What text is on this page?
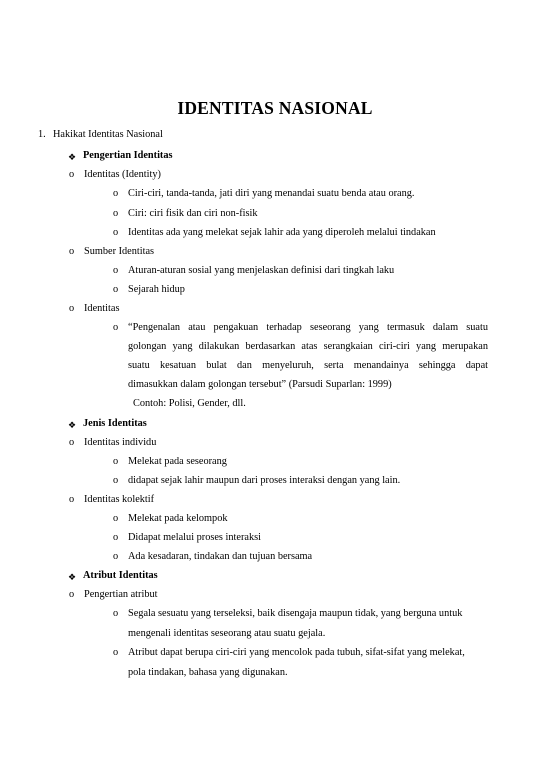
IDENTITAS NASIONAL
1. Hakikat Identitas Nasional
❖ Pengertian Identitas
o Identitas (Identity)
o Ciri-ciri, tanda-tanda, jati diri yang menandai suatu benda atau orang.
o Ciri: ciri fisik dan ciri non-fisik
o Identitas ada yang melekat sejak lahir ada yang diperoleh melalui tindakan
o Sumber Identitas
o Aturan-aturan sosial yang menjelaskan definisi dari tingkah laku
o Sejarah hidup
o Identitas
o “Pengenalan atau pengakuan terhadap seseorang yang termasuk dalam suatu
golongan yang dilakukan berdasarkan atas serangkaian ciri-ciri yang merupakan
suatu kesatuan bulat dan menyeluruh, serta menandainya sehingga dapat
dimasukkan dalam golongan tersebut” (Parsudi Suparlan: 1999)
Contoh: Polisi, Gender, dll.
❖ Jenis Identitas
o Identitas individu
o Melekat pada seseorang
o didapat sejak lahir maupun dari proses interaksi dengan yang lain.
o Identitas kolektif
o Melekat pada kelompok
o Didapat melalui proses interaksi
o Ada kesadaran, tindakan dan tujuan bersama
❖ Atribut Identitas
o Pengertian atribut
o Segala sesuatu yang terseleksi, baik disengaja maupun tidak, yang berguna untuk
mengenali identitas seseorang atau suatu gejala.
o Atribut dapat berupa ciri-ciri yang mencolok pada tubuh, sifat-sifat yang melekat,
pola tindakan, bahasa yang digunakan.
